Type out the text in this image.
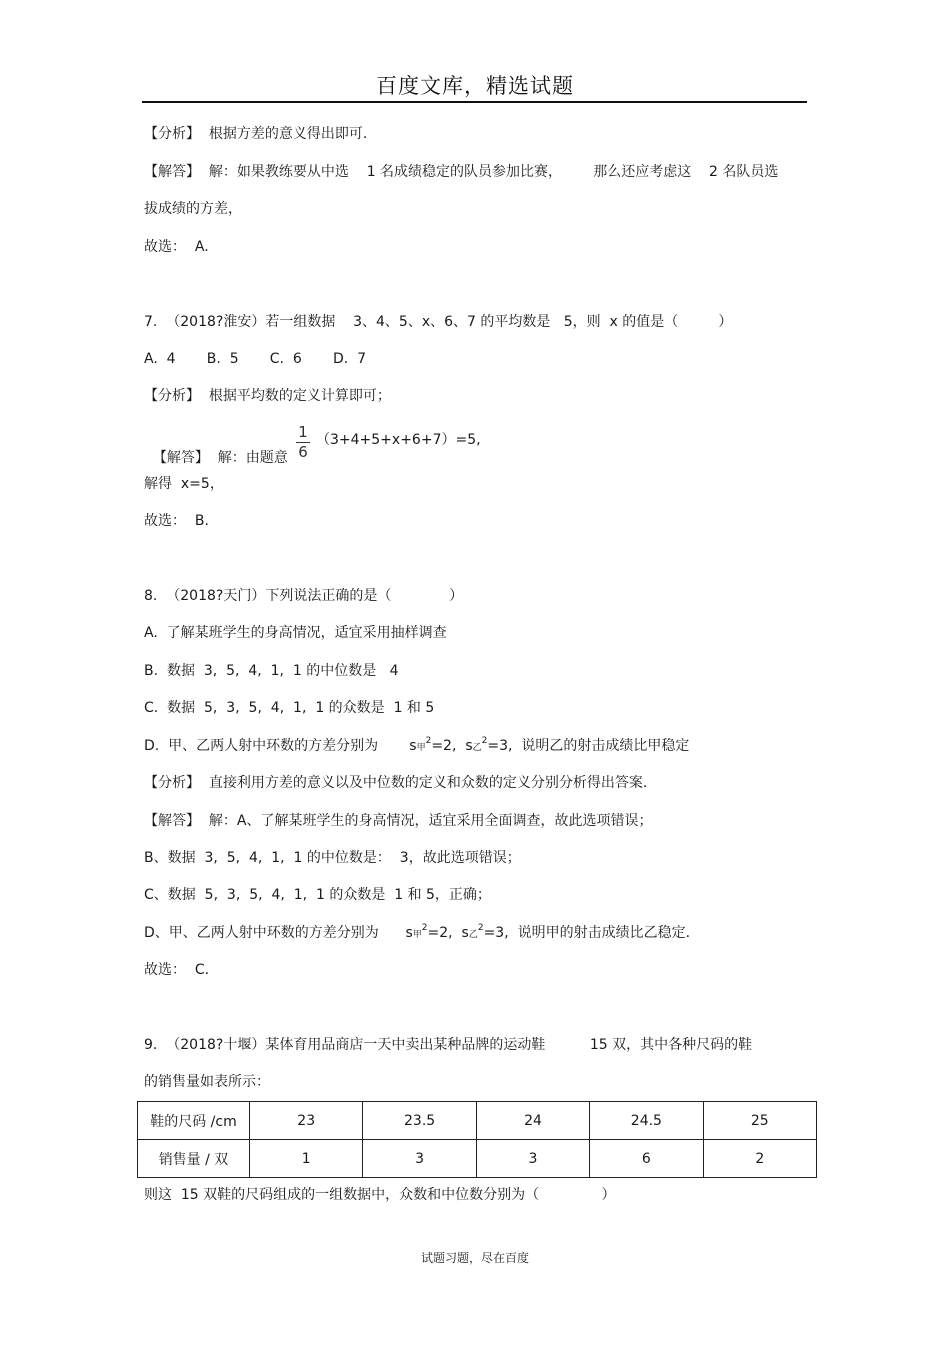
百度文库，精选试题
【分析】  根据方差的意义得出即可.
【解答】  解：如果教练要从中选    1 名成绩稳定的队员参加比赛，       那么还应考虑这    2 名队员选
拔成绩的方差，
故选：  A.
7.  （2018?淮安）若一组数据    3、4、5、x、6、7 的平均数是   5，则  x 的值是（         ）
A.  4       B.  5       C.  6       D.  7
【分析】  根据平均数的定义计算即可；

【解答】  解：由题意

1
6
（3+4+5+x+6+7）=5,
解得  x=5，
故选：  B.
8.  （2018?天门）下列说法正确的是（             ）
A.  了解某班学生的身高情况，适宜采用抽样调查
B.  数据  3,  5,  4,  1,  1 的中位数是   4
C.  数据  5,  3,  5,  4,  1,  1 的众数是  1 和 5
D.  甲、乙两人射中环数的方差分别为       s甲$^2$=2,  s乙$^2$=3,  说明乙的射击成绩比甲稳定
【分析】  直接利用方差的意义以及中位数的定义和众数的定义分别分析得出答案.
【解答】  解：A、了解某班学生的身高情况，适宜采用全面调查，故此选项错误；
B、数据  3,  5,  4,  1,  1 的中位数是：  3，故此选项错误；
C、数据  5,  3,  5,  4,  1,  1 的众数是  1 和 5，正确；
D、甲、乙两人射中环数的方差分别为      s甲$^2$=2,  s乙$^2$=3,  说明甲的射击成绩比乙稳定.
故选：  C.
9.  （2018?十堰）某体育用品商店一天中卖出某种品牌的运动鞋          15 双，其中各种尺码的鞋
的销售量如表所示：
鞋的尺码 /cm	23	23.5	24	24.5	25
销售量 / 双	1	3	3	6	2
则这  15 双鞋的尺码组成的一组数据中，众数和中位数分别为（              ）
试题习题，尽在百度
